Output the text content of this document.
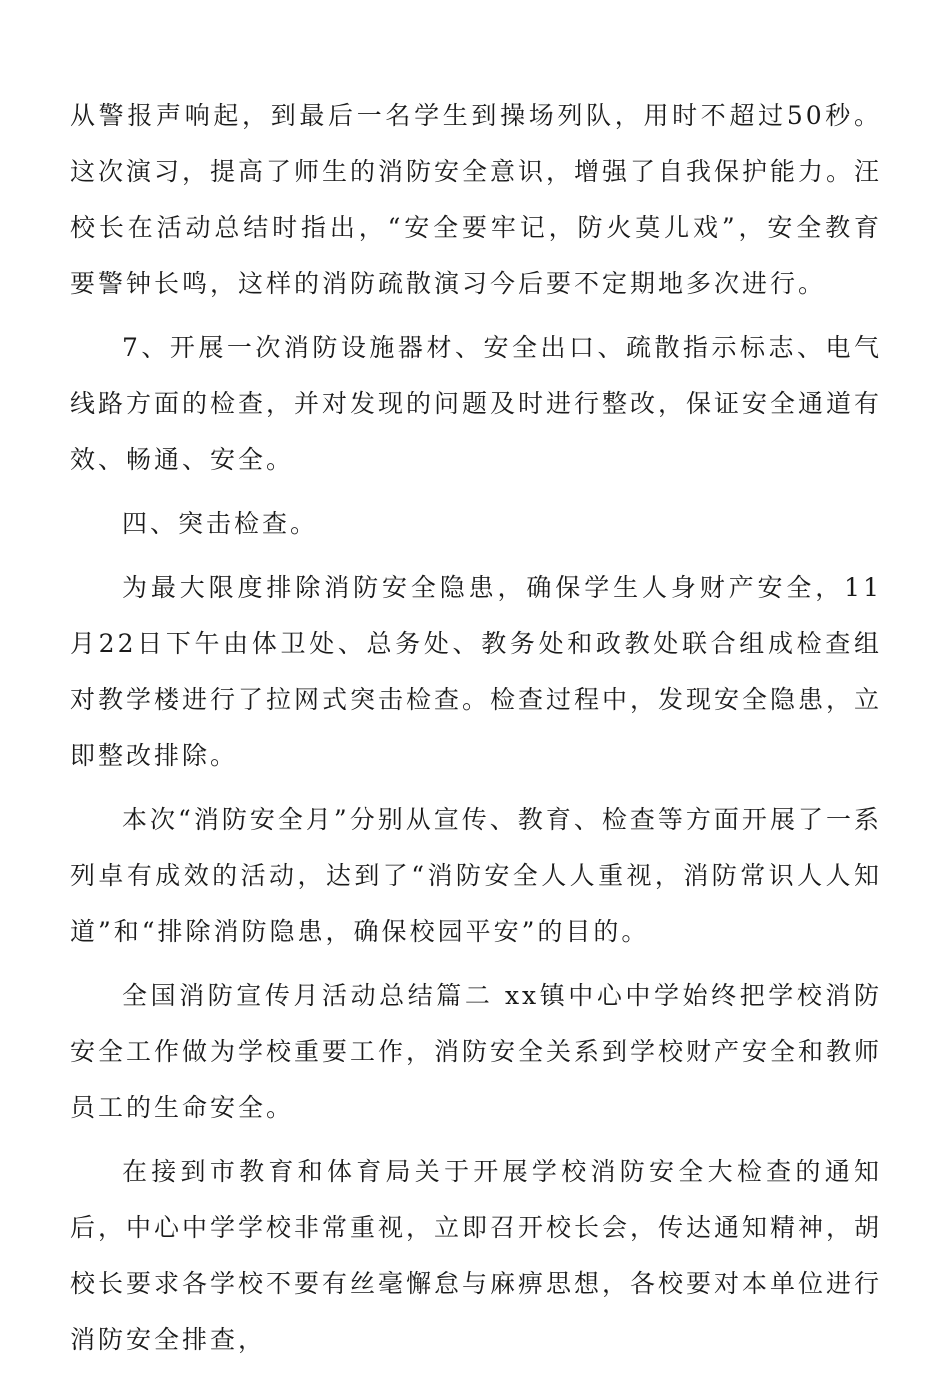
从警报声响起，到最后一名学生到操场列队，用时不超过50秒。这次演习，提高了师生的消防安全意识，增强了自我保护能力。汪校长在活动总结时指出，“安全要牢记，防火莫儿戏”，安全教育要警钟长鸣，这样的消防疏散演习今后要不定期地多次进行。

7、开展一次消防设施器材、安全出口、疏散指示标志、电气线路方面的检查，并对发现的问题及时进行整改，保证安全通道有效、畅通、安全。

四、突击检查。

为最大限度排除消防安全隐患，确保学生人身财产安全，11月22日下午由体卫处、总务处、教务处和政教处联合组成检查组对教学楼进行了拉网式突击检查。检查过程中，发现安全隐患，立即整改排除。

本次“消防安全月”分别从宣传、教育、检查等方面开展了一系列卓有成效的活动，达到了“消防安全人人重视，消防常识人人知道”和“排除消防隐患，确保校园平安”的目的。

全国消防宣传月活动总结篇二 xx镇中心中学始终把学校消防安全工作做为学校重要工作，消防安全关系到学校财产安全和教师员工的生命安全。

在接到市教育和体育局关于开展学校消防安全大检查的通知后，中心中学学校非常重视，立即召开校长会，传达通知精神，胡校长要求各学校不要有丝毫懈怠与麻痹思想，各校要对本单位进行消防安全排查，
